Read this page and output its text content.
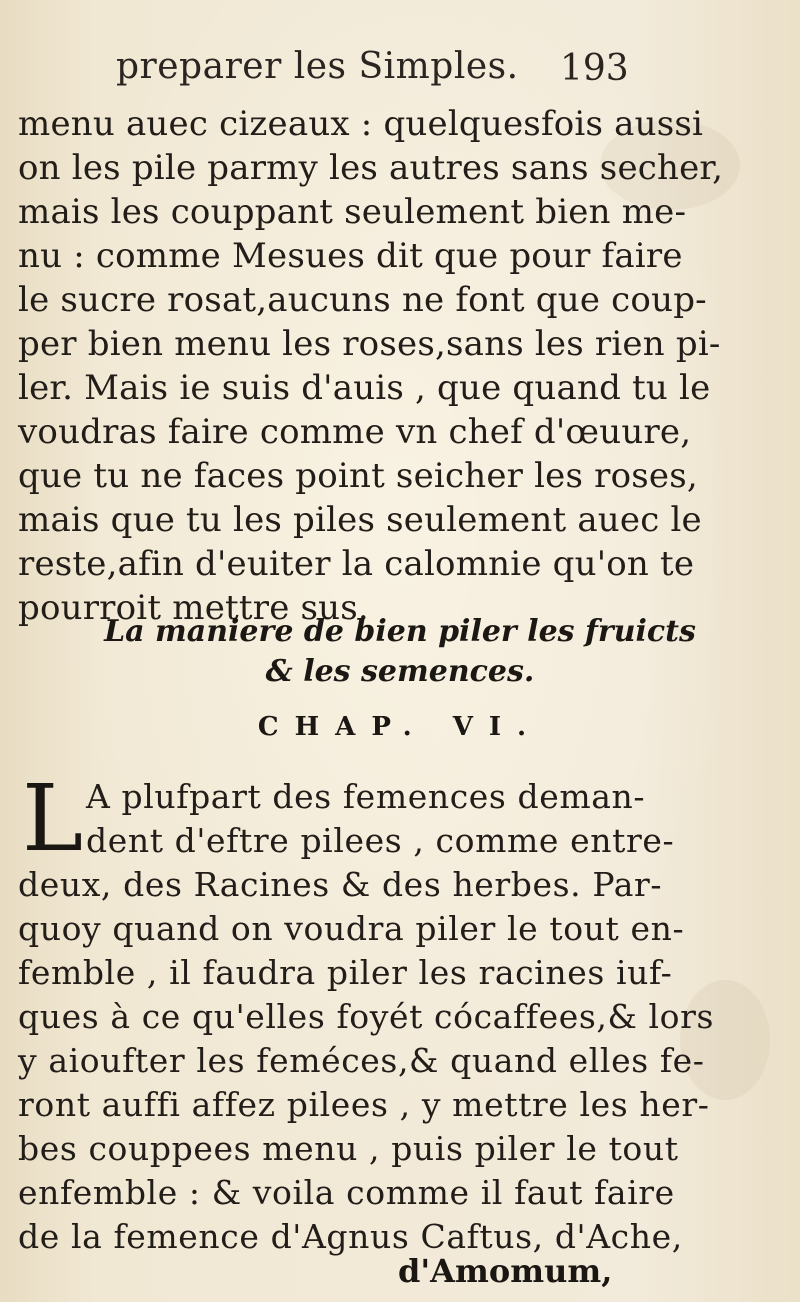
preparer les Simples.	193
menu auec cizeaux : quelquesfois aussi
on les pile parmy les autres sans secher,
mais les couppant seulement bien me-
nu : comme Mesues dit que pour faire
le sucre rosat,aucuns ne font que coup-
per bien menu les roses,sans les rien pi-
ler. Mais ie suis d'auis , que quand tu le
voudras faire comme vn chef d'œuure,
que tu ne faces point seicher les roses,
mais que tu les piles seulement auec le
reste,afin d'euiter la calomnie qu'on te
pourroit mettre sus.
La maniere de bien piler les fruicts
& les semences.
CHAP. VI.
L A plufpart des femences deman-
dent d'eftre pilees , comme entre-
deux, des Racines & des herbes. Par-
quoy quand on voudra piler le tout en-
femble , il faudra piler les racines iuf-
ques à ce qu'elles foyét cócaffees,& lors
y aioufter les feméces,& quand elles fe-
ront auffi affez pilees , y mettre les her-
bes couppees menu , puis piler le tout
enfemble : & voila comme il faut faire
de la femence d'Agnus Caftus, d'Ache,
d'Amomum,
